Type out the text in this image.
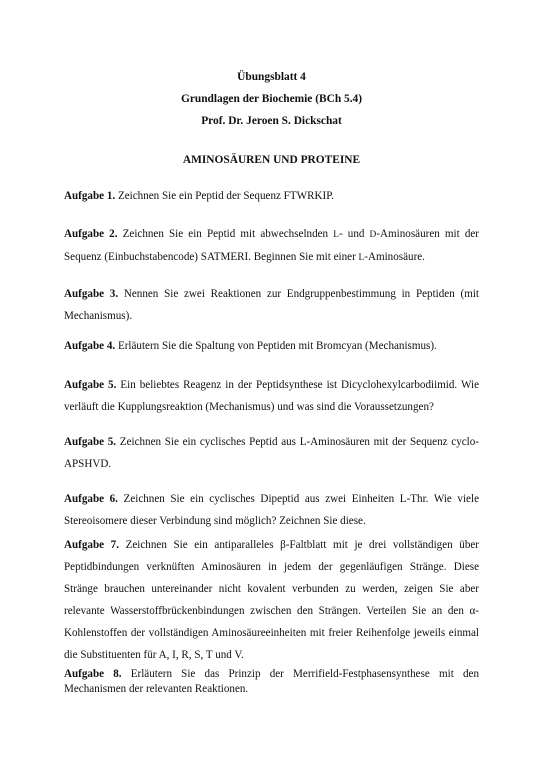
Übungsblatt 4
Grundlagen der Biochemie (BCh 5.4)
Prof. Dr. Jeroen S. Dickschat
AMINOSÄUREN UND PROTEINE
Aufgabe 1. Zeichnen Sie ein Peptid der Sequenz FTWRKIP.
Aufgabe 2. Zeichnen Sie ein Peptid mit abwechselnden L- und D-Aminosäuren mit der Sequenz (Einbuchstabencode) SATMERI. Beginnen Sie mit einer L-Aminosäure.
Aufgabe 3. Nennen Sie zwei Reaktionen zur Endgruppenbestimmung in Peptiden (mit Mechanismus).
Aufgabe 4. Erläutern Sie die Spaltung von Peptiden mit Bromcyan (Mechanismus).
Aufgabe 5. Ein beliebtes Reagenz in der Peptidsynthese ist Dicyclohexylcarbodiimid. Wie verläuft die Kupplungsreaktion (Mechanismus) und was sind die Voraussetzungen?
Aufgabe 5. Zeichnen Sie ein cyclisches Peptid aus L-Aminosäuren mit der Sequenz cyclo-APSHVD.
Aufgabe 6. Zeichnen Sie ein cyclisches Dipeptid aus zwei Einheiten L-Thr. Wie viele Stereoisomere dieser Verbindung sind möglich? Zeichnen Sie diese.
Aufgabe 7. Zeichnen Sie ein antiparalleles β-Faltblatt mit je drei vollständigen über Peptidbindungen verknüften Aminosäuren in jedem der gegenläufigen Stränge. Diese Stränge brauchen untereinander nicht kovalent verbunden zu werden, zeigen Sie aber relevante Wasserstoffbrückenbindungen zwischen den Strängen. Verteilen Sie an den α-Kohlenstoffen der vollständigen Aminosäureeinheiten mit freier Reihenfolge jeweils einmal die Substituenten für A, I, R, S, T und V.
Aufgabe 8. Erläutern Sie das Prinzip der Merrifield-Festphasensynthese mit den Mechanismen der relevanten Reaktionen.
